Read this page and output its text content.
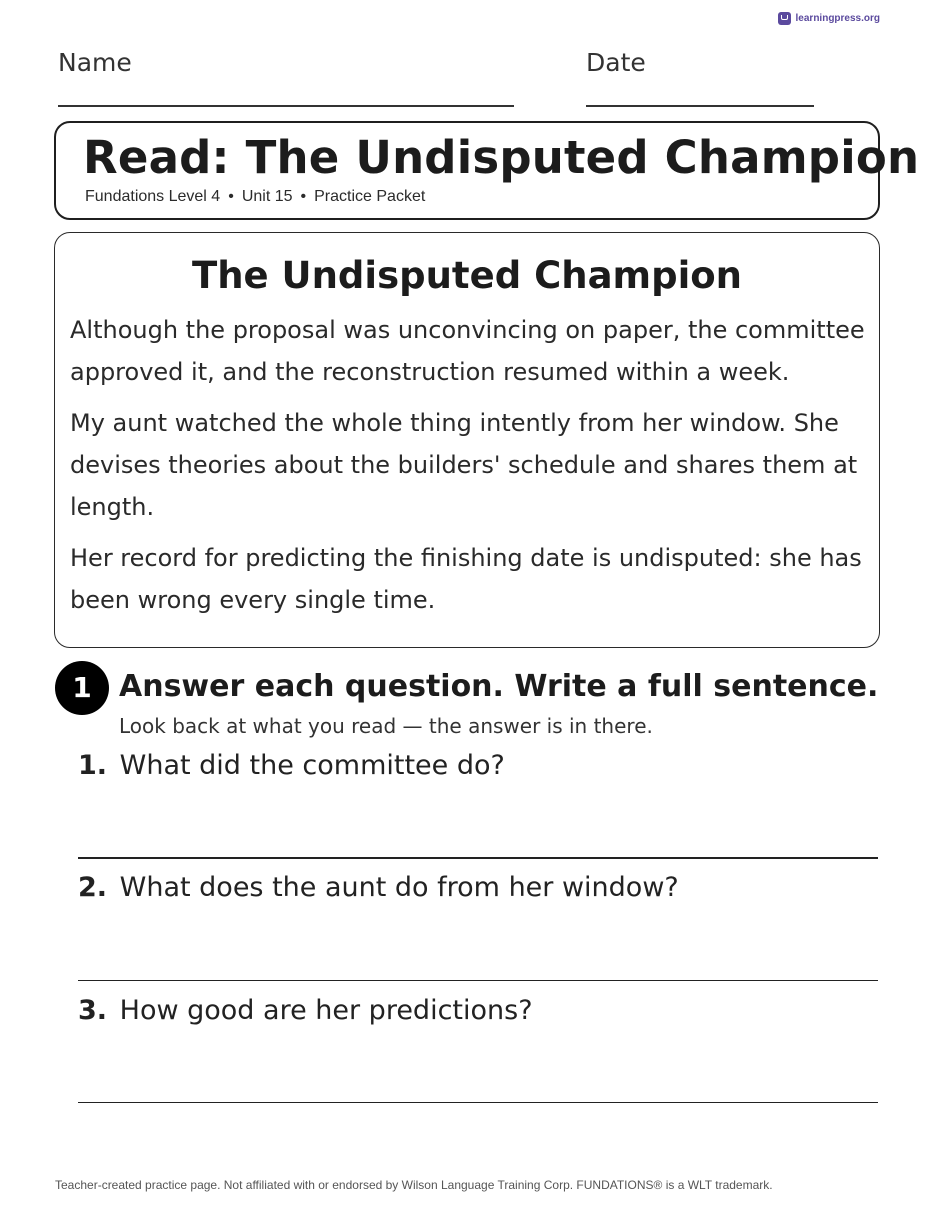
learningpress.org
Name	Date
Read: The Undisputed Champion
Fundations Level 4 • Unit 15 • Practice Packet
The Undisputed Champion

Although the proposal was unconvincing on paper, the committee approved it, and the reconstruction resumed within a week.

My aunt watched the whole thing intently from her window. She devises theories about the builders' schedule and shares them at length.

Her record for predicting the finishing date is undisputed: she has been wrong every single time.

1 Answer each question. Write a full sentence.
Look back at what you read — the answer is in there.
1. What did the committee do?
2. What does the aunt do from her window?
3. How good are her predictions?
Teacher-created practice page. Not affiliated with or endorsed by Wilson Language Training Corp. FUNDATIONS® is a WLT trademark.
